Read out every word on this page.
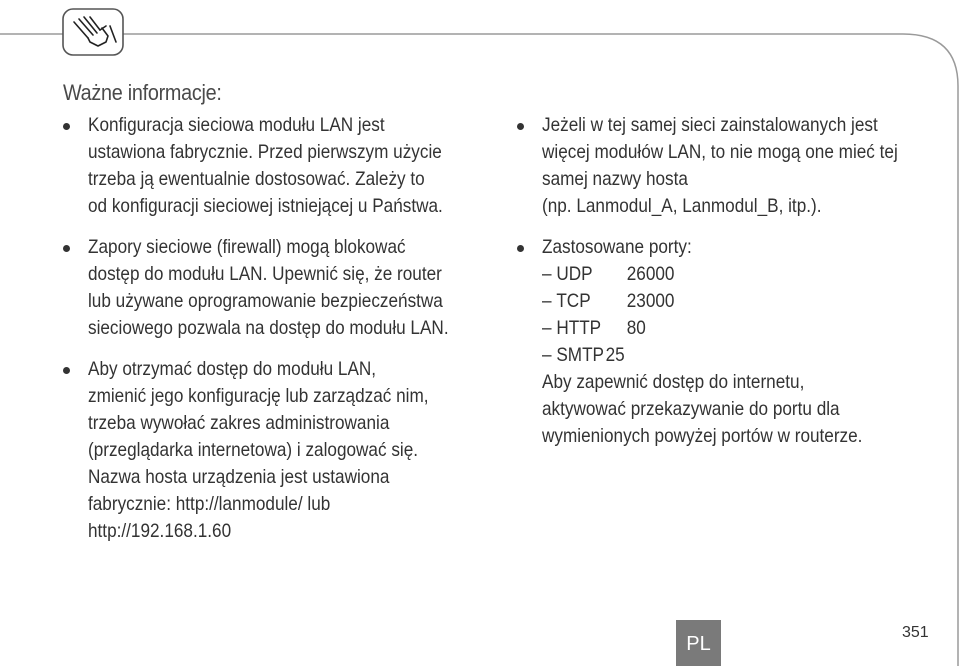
Ważne informacje:
Konfiguracja sieciowa modułu LAN jest
ustawiona fabrycznie. Przed pierwszym użycie
trzeba ją ewentualnie dostosować. Zależy to
od konfiguracji sieciowej istniejącej u Państwa.
Zapory sieciowe (firewall) mogą blokować
dostęp do modułu LAN. Upewnić się, że router
lub używane oprogramowanie bezpieczeństwa
sieciowego pozwala na dostęp do modułu LAN.
Aby otrzymać dostęp do modułu LAN,
zmienić jego konfigurację lub zarządzać nim,
trzeba wywołać zakres administrowania
(przeglądarka internetowa) i zalogować się.
Nazwa hosta urządzenia jest ustawiona
fabrycznie: http://lanmodule/ lub
http://192.168.1.60
Jeżeli w tej samej sieci zainstalowanych jest
więcej modułów LAN, to nie mogą one mieć tej
samej nazwy hosta
(np. Lanmodul_A, Lanmodul_B, itp.).
Zastosowane porty:
– UDP 26000
– TCP 23000
– HTTP 80
– SMTP25
Aby zapewnić dostęp do internetu,
aktywować przekazywanie do portu dla
wymienionych powyżej portów w routerze.
PL
351
